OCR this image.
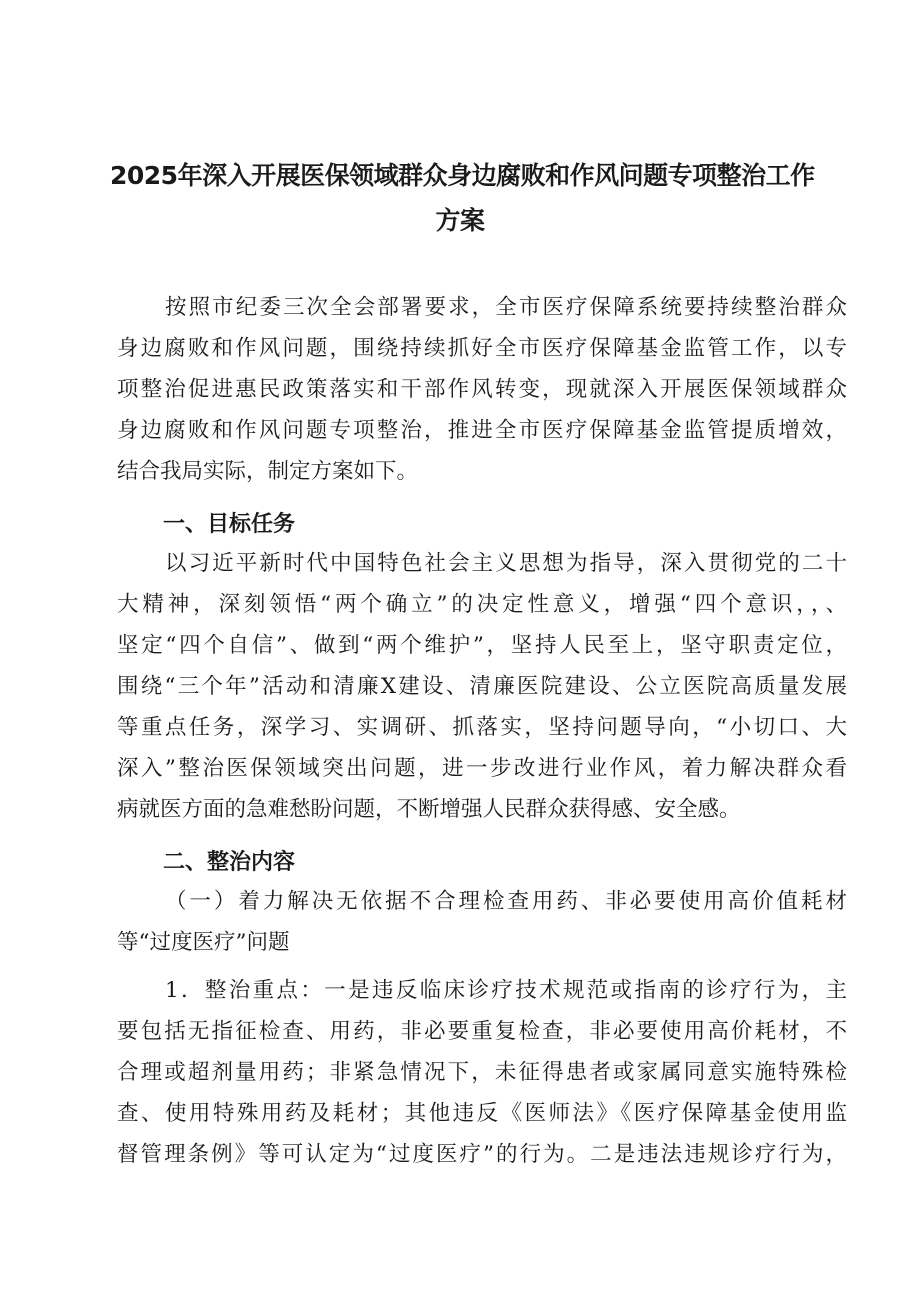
2025年深入开展医保领域群众身边腐败和作风问题专项整治工作
方案

按照市纪委三次全会部署要求，全市医疗保障系统要持续整治群众

身边腐败和作风问题，围绕持续抓好全市医疗保障基金监管工作，以专

项整治促进惠民政策落实和干部作风转变，现就深入开展医保领域群众

身边腐败和作风问题专项整治，推进全市医疗保障基金监管提质增效，

结合我局实际，制定方案如下。

一、目标任务

以习近平新时代中国特色社会主义思想为指导，深入贯彻党的二十

大精神，深刻领悟“两个确立”的决定性意义，增强“四个意识，，、

坚定“四个自信”、做到“两个维护”，坚持人民至上，坚守职责定位，

围绕“三个年”活动和清廉X建设、清廉医院建设、公立医院高质量发展

等重点任务，深学习、实调研、抓落实，坚持问题导向，“小切口、大

深入”整治医保领域突出问题，进一步改进行业作风，着力解决群众看

病就医方面的急难愁盼问题，不断增强人民群众获得感、安全感。

二、整治内容

（一）着力解决无依据不合理检查用药、非必要使用高价值耗材

等“过度医疗”问题

1．整治重点：一是违反临床诊疗技术规范或指南的诊疗行为，主

要包括无指征检查、用药，非必要重复检查，非必要使用高价耗材，不

合理或超剂量用药；非紧急情况下，未征得患者或家属同意实施特殊检

查、使用特殊用药及耗材；其他违反《医师法》《医疗保障基金使用监

督管理条例》等可认定为“过度医疗”的行为。二是违法违规诊疗行为，
